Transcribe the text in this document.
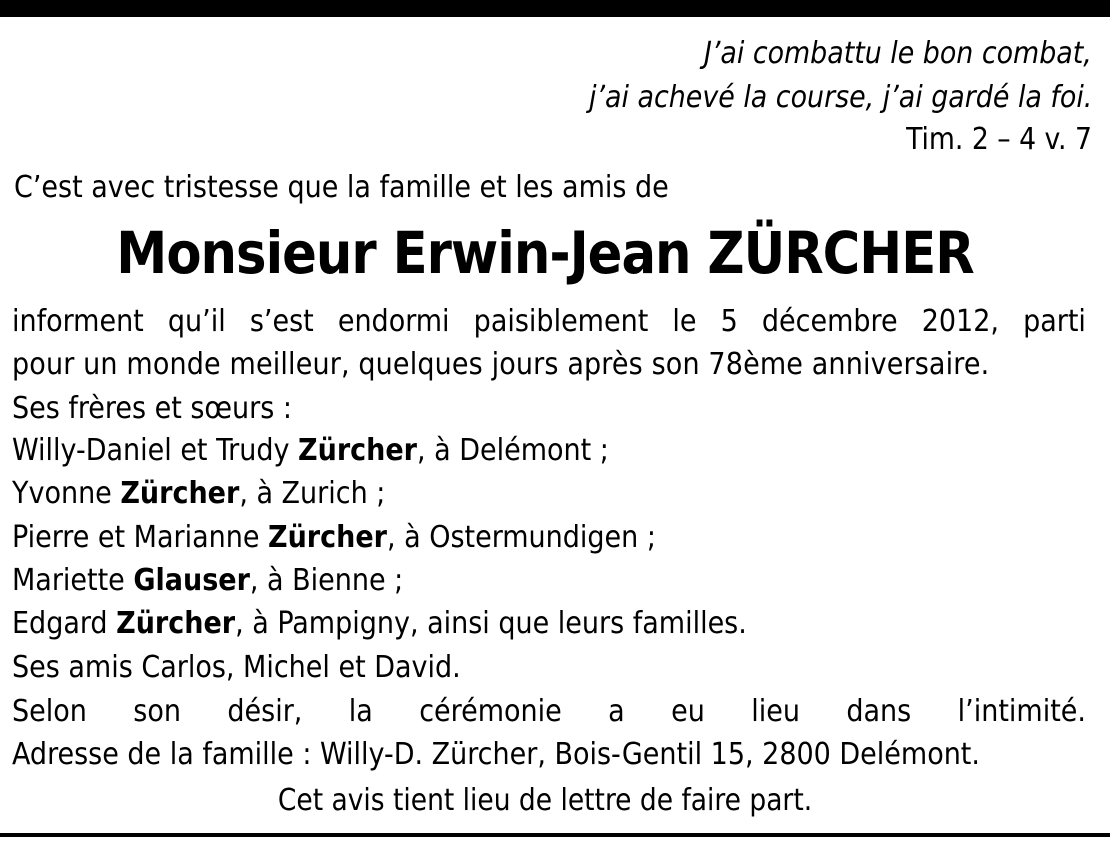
J’ai combattu le bon combat,
j’ai achevé la course, j’ai gardé la foi.
Tim. 2 – 4 v. 7
C’est avec tristesse que la famille et les amis de
Monsieur Erwin-Jean ZÜRCHER
informent qu’il s’est endormi paisiblement le 5 décembre 2012, parti
pour un monde meilleur, quelques jours après son 78ème anniversaire.
Ses frères et sœurs :
Willy-Daniel et Trudy Zürcher, à Delémont ;
Yvonne Zürcher, à Zurich ;
Pierre et Marianne Zürcher, à Ostermundigen ;
Mariette Glauser, à Bienne ;
Edgard Zürcher, à Pampigny, ainsi que leurs familles.
Ses amis Carlos, Michel et David.
Selon son désir, la cérémonie a eu lieu dans l’intimité.
Adresse de la famille : Willy-D. Zürcher, Bois-Gentil 15, 2800 Delémont.
Cet avis tient lieu de lettre de faire part.
